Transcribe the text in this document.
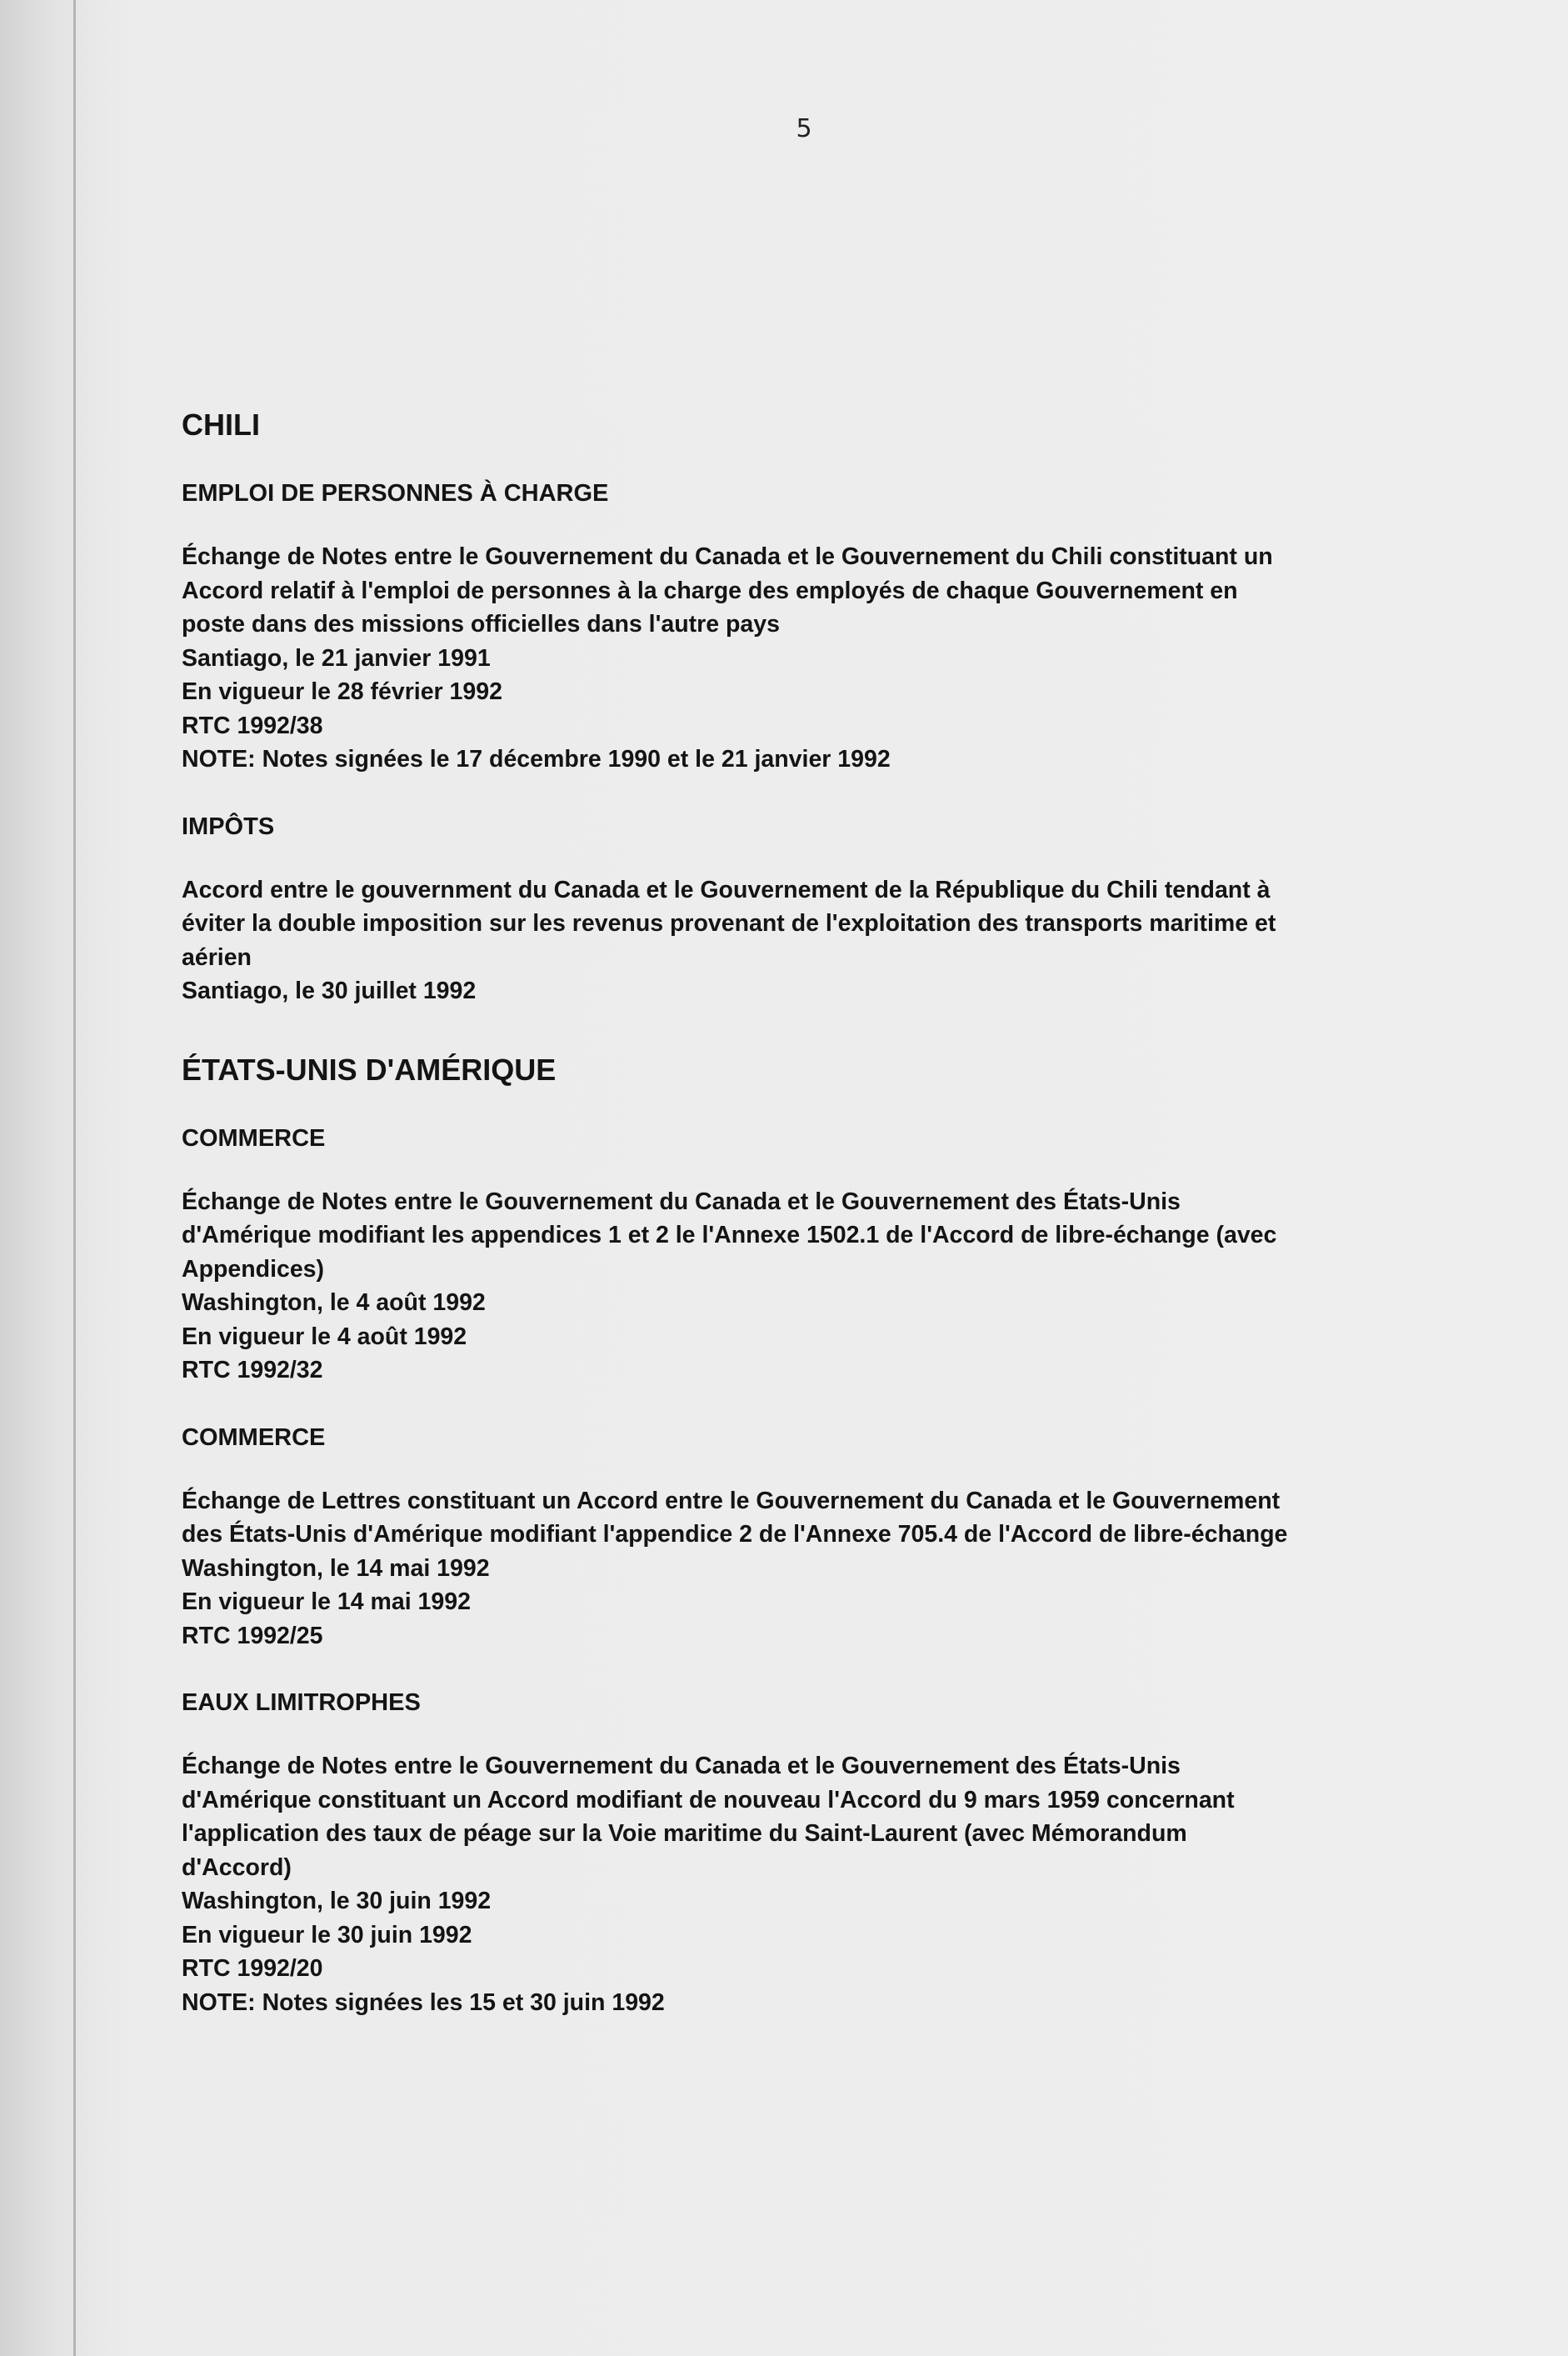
5
CHILI
EMPLOI DE PERSONNES À CHARGE
Échange de Notes entre le Gouvernement du Canada et le Gouvernement du Chili constituant un
Accord relatif à l'emploi de personnes à la charge des employés de chaque Gouvernement en
poste dans des missions officielles dans l'autre pays
Santiago, le 21 janvier 1991
En vigueur le 28 février 1992
RTC 1992/38
NOTE: Notes signées le 17 décembre 1990 et le 21 janvier 1992
IMPÔTS
Accord entre le gouvernment du Canada et le Gouvernement de la République du Chili tendant à
éviter la double imposition sur les revenus provenant de l'exploitation des transports maritime et
aérien
Santiago, le 30 juillet 1992
ÉTATS-UNIS D'AMÉRIQUE
COMMERCE
Échange de Notes entre le Gouvernement du Canada et le Gouvernement des États-Unis
d'Amérique modifiant les appendices 1 et 2 le l'Annexe 1502.1 de l'Accord de libre-échange (avec
Appendices)
Washington, le 4 août 1992
En vigueur le 4 août 1992
RTC 1992/32
COMMERCE
Échange de Lettres constituant un Accord entre le Gouvernement du Canada et le Gouvernement
des États-Unis d'Amérique modifiant l'appendice 2 de l'Annexe 705.4 de l'Accord de libre-échange
Washington, le 14 mai 1992
En vigueur le 14 mai 1992
RTC 1992/25
EAUX LIMITROPHES
Échange de Notes entre le Gouvernement du Canada et le Gouvernement des États-Unis
d'Amérique constituant un Accord modifiant de nouveau l'Accord du 9 mars 1959 concernant
l'application des taux de péage sur la Voie maritime du Saint-Laurent (avec Mémorandum
d'Accord)
Washington, le 30 juin 1992
En vigueur le 30 juin 1992
RTC 1992/20
NOTE: Notes signées les 15 et 30 juin 1992
